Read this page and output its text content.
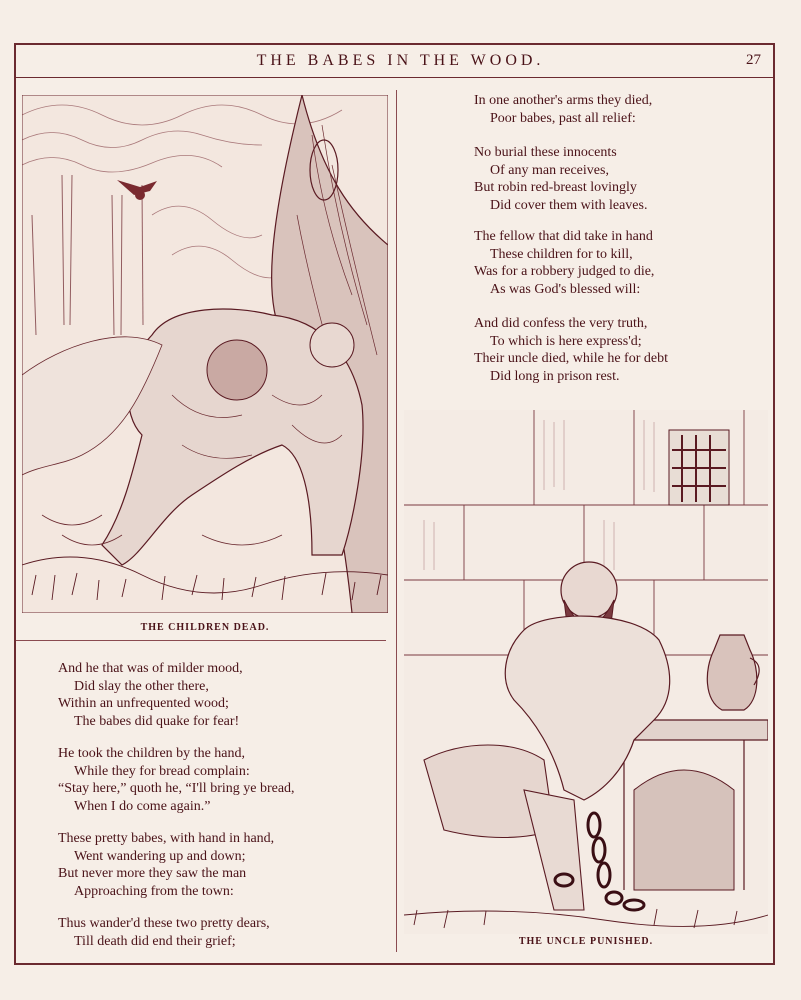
THE BABES IN THE WOOD.	27
THE CHILDREN DEAD.
And he that was of milder mood,
Did slay the other there,
Within an unfrequented wood;
The babes did quake for fear!
He took the children by the hand,
While they for bread complain:
“Stay here,” quoth he, “I'll bring ye bread,
When I do come again.”
These pretty babes, with hand in hand,
Went wandering up and down;
But never more they saw the man
Approaching from the town:
Thus wander'd these two pretty dears,
Till death did end their grief;
In one another's arms they died,
Poor babes, past all relief:
No burial these innocents
Of any man receives,
But robin red-breast lovingly
Did cover them with leaves.
The fellow that did take in hand
These children for to kill,
Was for a robbery judged to die,
As was God's blessed will:
And did confess the very truth,
To which is here express'd;
Their uncle died, while he for debt
Did long in prison rest.
THE UNCLE PUNISHED.
